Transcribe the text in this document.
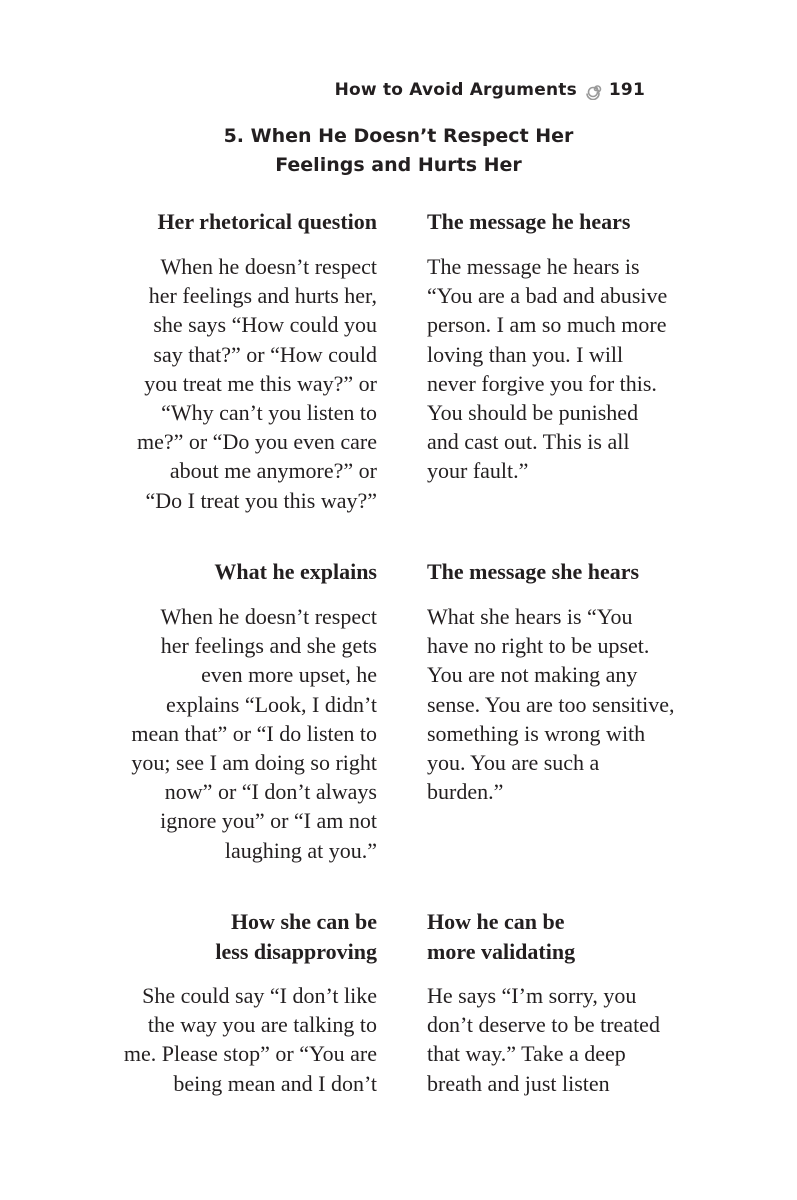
How to Avoid Arguments 191
5. When He Doesn’t Respect Her
Feelings and Hurts Her

Her rhetorical question The message he hears

When he doesn’t respect
her feelings and hurts her,
she says “How could you
say that?” or “How could
you treat me this way?” or
“Why can’t you listen to
me?” or “Do you even care
about me anymore?” or
“Do I treat you this way?”

The message he hears is
“You are a bad and abusive
person. I am so much more
loving than you. I will
never forgive you for this.
You should be punished
and cast out. This is all
your fault.”

What he explains The message she hears

When he doesn’t respect
her feelings and she gets
even more upset, he
explains “Look, I didn’t
mean that” or “I do listen to
you; see I am doing so right
now” or “I don’t always
ignore you” or “I am not
laughing at you.”

What she hears is “You
have no right to be upset.
You are not making any
sense. You are too sensitive,
something is wrong with
you. You are such a
burden.”

How she can be
less disapproving

How he can be
more validating

She could say “I don’t like
the way you are talking to
me. Please stop” or “You are
being mean and I don’t

He says “I’m sorry, you
don’t deserve to be treated
that way.” Take a deep
breath and just listen
